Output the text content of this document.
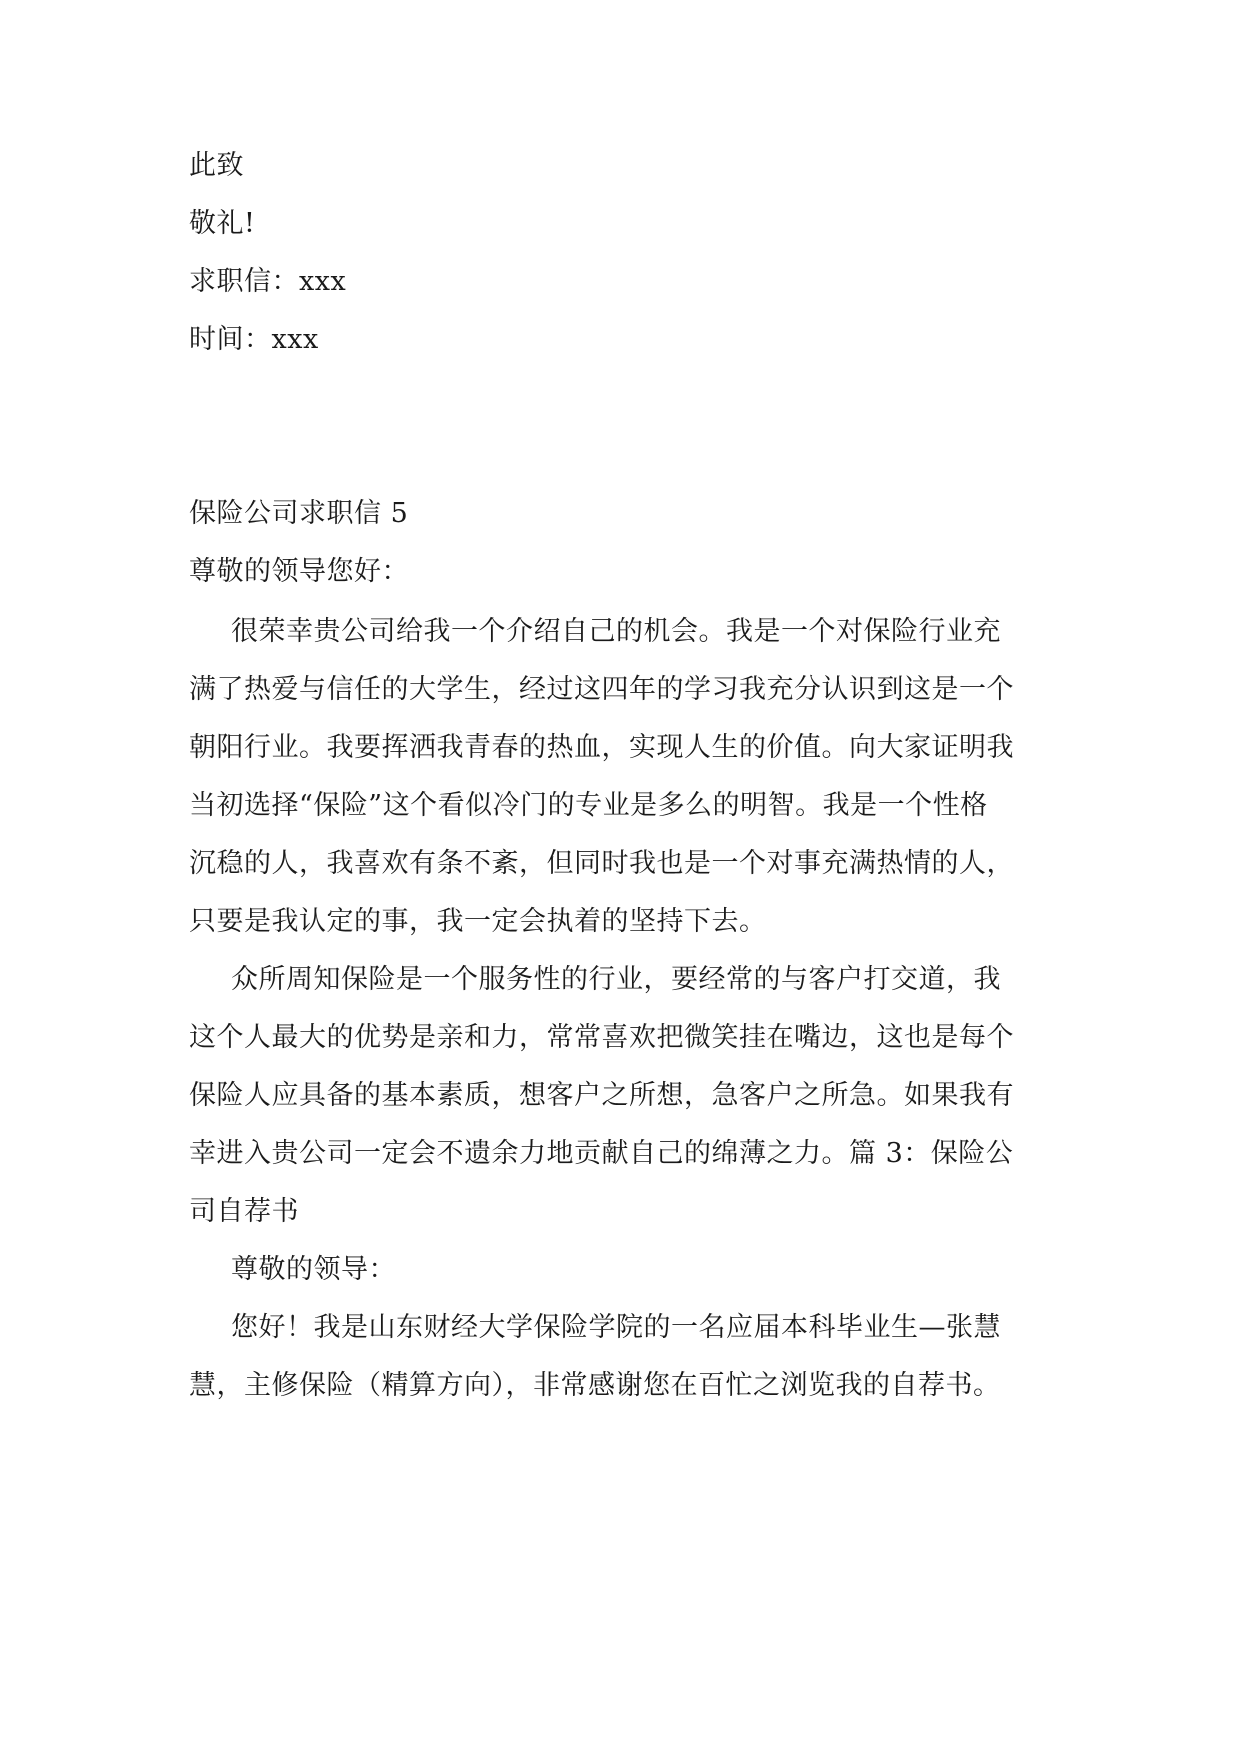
此致
敬礼!
求职信：xxx
时间：xxx
保险公司求职信 5
尊敬的领导您好：
很荣幸贵公司给我一个介绍自己的机会。我是一个对保险行业充
满了热爱与信任的大学生，经过这四年的学习我充分认识到这是一个
朝阳行业。我要挥洒我青春的热血，实现人生的价值。向大家证明我
当初选择“保险”这个看似冷门的专业是多么的明智。我是一个性格
沉稳的人，我喜欢有条不紊，但同时我也是一个对事充满热情的人，
只要是我认定的事，我一定会执着的坚持下去。
众所周知保险是一个服务性的行业，要经常的与客户打交道，我
这个人最大的优势是亲和力，常常喜欢把微笑挂在嘴边，这也是每个
保险人应具备的基本素质，想客户之所想，急客户之所急。如果我有
幸进入贵公司一定会不遗余力地贡献自己的绵薄之力。篇 3：保险公
司自荐书
尊敬的领导：
您好！我是山东财经大学保险学院的一名应届本科毕业生—张慧
慧，主修保险（精算方向），非常感谢您在百忙之浏览我的自荐书。
